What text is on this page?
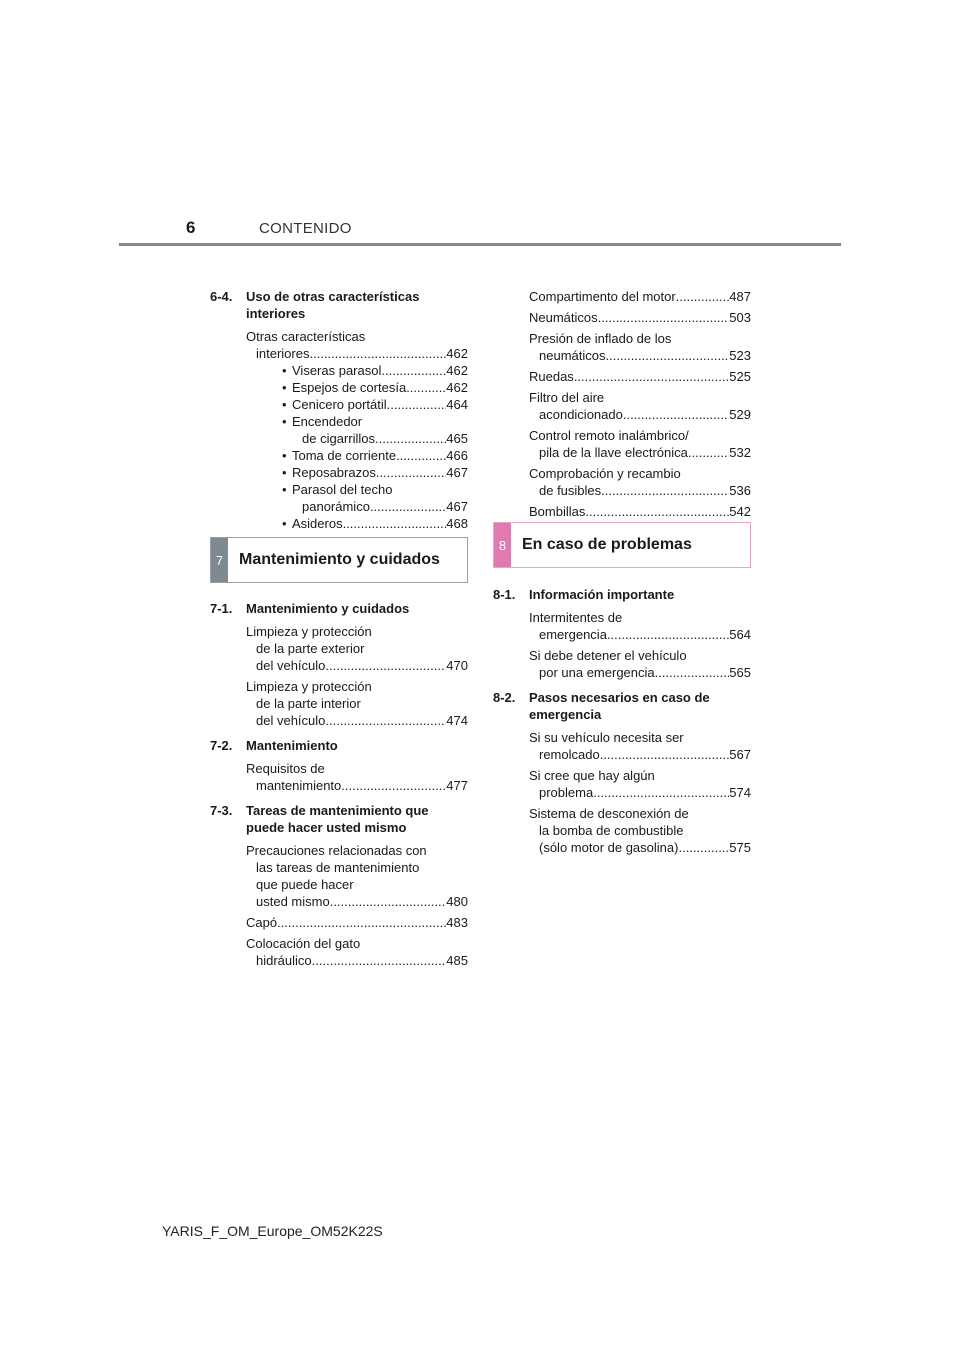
6	CONTENIDO
6-4. Uso de otras características
interiores
Otras características
interiores .....	462
• Viseras parasol .....	462
• Espejos de cortesía .....	462
• Cenicero portátil .....	464
• Encendedor
de cigarrillos .....	465
• Toma de corriente .....	466
• Reposabrazos .....	467
• Parasol del techo
panorámico .....	467
• Asideros .....	468
7 Mantenimiento y cuidados
7-1. Mantenimiento y cuidados
Limpieza y protección
de la parte exterior
del vehículo .....	470
Limpieza y protección
de la parte interior
del vehículo .....	474
7-2. Mantenimiento
Requisitos de
mantenimiento .....	477
7-3. Tareas de mantenimiento que
puede hacer usted mismo
Precauciones relacionadas con
las tareas de mantenimiento
que puede hacer
usted mismo .....	480
Capó .....	483
Colocación del gato
hidráulico .....	485
Compartimento del motor .....	487
Neumáticos .....	503
Presión de inflado de los
neumáticos .....	523
Ruedas .....	525
Filtro del aire
acondicionado .....	529
Control remoto inalámbrico/
pila de la llave electrónica .....	532
Comprobación y recambio
de fusibles .....	536
Bombillas .....	542
8 En caso de problemas
8-1. Información importante
Intermitentes de
emergencia .....	564
Si debe detener el vehículo
por una emergencia .....	565
8-2. Pasos necesarios en caso de
emergencia
Si su vehículo necesita ser
remolcado .....	567
Si cree que hay algún
problema .....	574
Sistema de desconexión de
la bomba de combustible
(sólo motor de gasolina) .....	575
YARIS_F_OM_Europe_OM52K22S
